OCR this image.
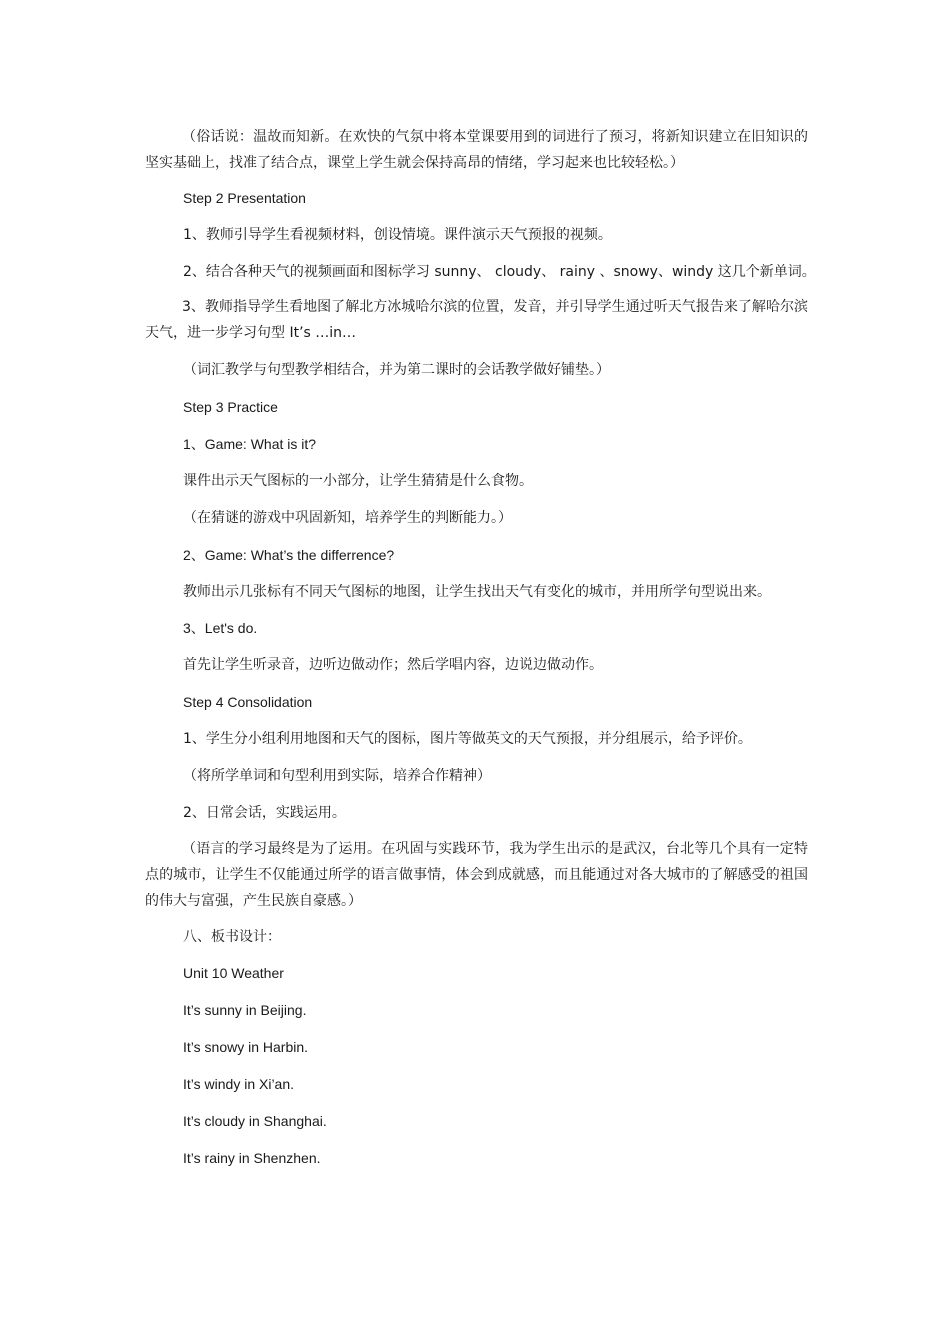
（俗话说：温故而知新。在欢快的气氛中将本堂课要用到的词进行了预习，将新知识建立在旧知识的坚实基础上，找准了结合点，课堂上学生就会保持高昂的情绪，学习起来也比较轻松。）

Step 2 Presentation

1、教师引导学生看视频材料，创设情境。课件演示天气预报的视频。

2、结合各种天气的视频画面和图标学习 sunny、 cloudy、 rainy 、snowy、windy 这几个新单词。

3、教师指导学生看地图了解北方冰城哈尔滨的位置，发音，并引导学生通过听天气报告来了解哈尔滨天气，进一步学习句型 It’s …in…

（词汇教学与句型教学相结合，并为第二课时的会话教学做好铺垫。）

Step 3 Practice

1、Game: What is it?

课件出示天气图标的一小部分，让学生猜猜是什么食物。

（在猜谜的游戏中巩固新知，培养学生的判断能力。）

2、Game: What’s the differrence?

教师出示几张标有不同天气图标的地图，让学生找出天气有变化的城市，并用所学句型说出来。

3、Let's do.

首先让学生听录音，边听边做动作；然后学唱内容，边说边做动作。

Step 4 Consolidation

1、学生分小组利用地图和天气的图标，图片等做英文的天气预报，并分组展示，给予评价。

（将所学单词和句型利用到实际，培养合作精神）

2、日常会话，实践运用。

（语言的学习最终是为了运用。在巩固与实践环节，我为学生出示的是武汉，台北等几个具有一定特点的城市，让学生不仅能通过所学的语言做事情，体会到成就感，而且能通过对各大城市的了解感受的祖国的伟大与富强，产生民族自豪感。）

八、板书设计：

Unit 10 Weather

It’s sunny in Beijing.

It’s snowy in Harbin.

It’s windy in Xi’an.

It’s cloudy in Shanghai.

It’s rainy in Shenzhen.
